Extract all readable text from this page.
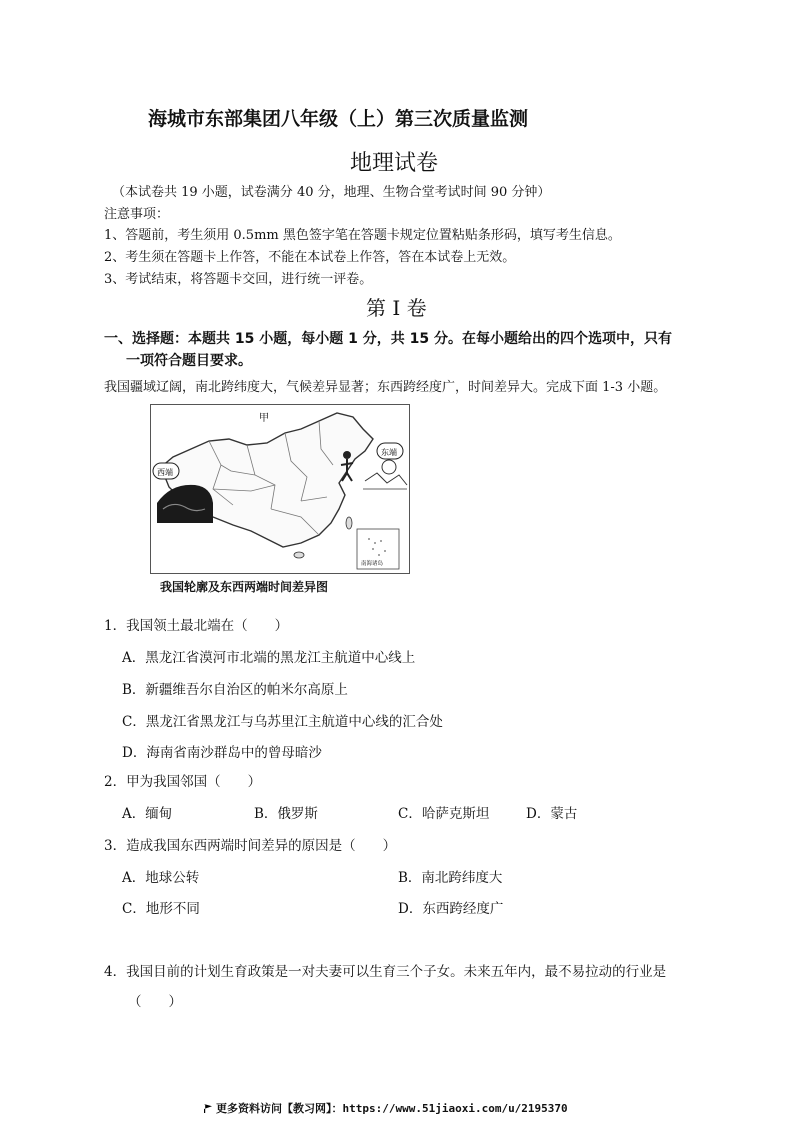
海城市东部集团八年级（上）第三次质量监测
地理试卷
（本试卷共 19 小题，试卷满分 40 分，地理、生物合堂考试时间 90 分钟）
注意事项：
1、答题前，考生须用 0.5mm 黑色签字笔在答题卡规定位置粘贴条形码，填写考生信息。
2、考生须在答题卡上作答，不能在本试卷上作答，答在本试卷上无效。
3、考试结束，将答题卡交回，进行统一评卷。
第 I 卷
一、选择题：本题共 15 小题，每小题 1 分，共 15 分。在每小题给出的四个选项中，只有
一项符合题目要求。
我国疆域辽阔，南北跨纬度大，气候差异显著；东西跨经度广，时间差异大。完成下面 1-3 小题。
甲
西端
东端
南海诸岛
我国轮廓及东西两端时间差异图
1．我国领土最北端在（　　）
A．黑龙江省漠河市北端的黑龙江主航道中心线上
B．新疆维吾尔自治区的帕米尔高原上
C．黑龙江省黑龙江与乌苏里江主航道中心线的汇合处
D．海南省南沙群岛中的曾母暗沙
2．甲为我国邻国（　　）
A．缅甸	B．俄罗斯	C．哈萨克斯坦	D．蒙古
3．造成我国东西两端时间差异的原因是（　　）
A．地球公转	B．南北跨纬度大
C．地形不同	D．东西跨经度广
4．我国目前的计划生育政策是一对夫妻可以生育三个子女。未来五年内，最不易拉动的行业是
（　　）
更多资料访问【教习网】：https://www.51jiaoxi.com/u/2195370
